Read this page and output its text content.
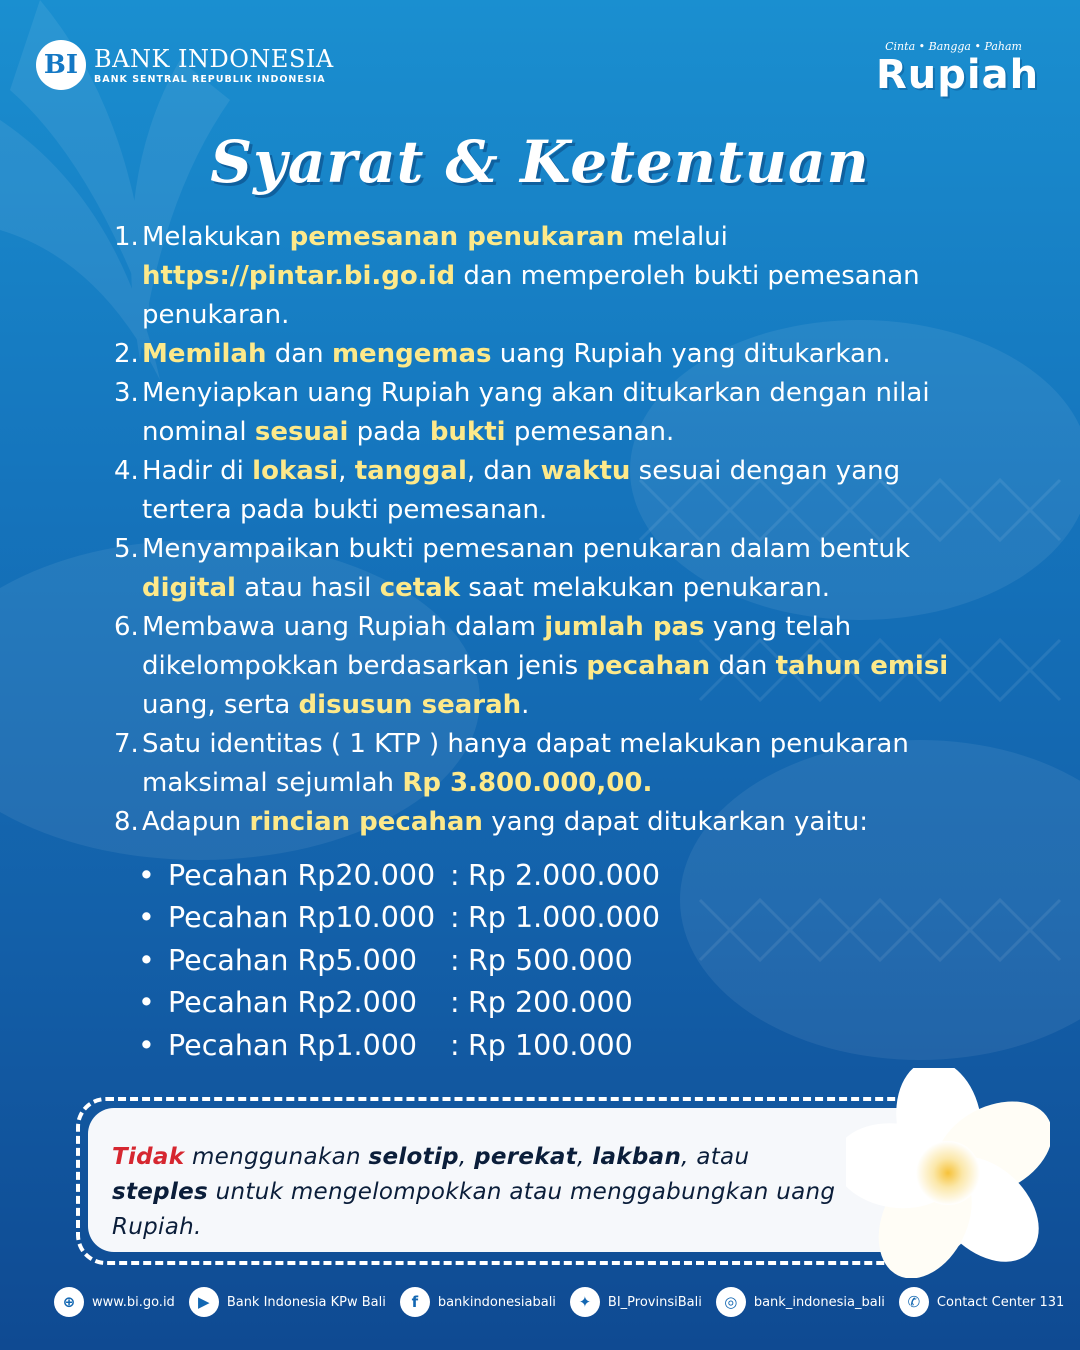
BI BANK INDONESIA
BANK SENTRAL REPUBLIK INDONESIA
Cinta • Bangga • Paham
Rupiah
Syarat & Ketentuan
1. Melakukan pemesanan penukaran melalui https://pintar.bi.go.id dan memperoleh bukti pemesanan penukaran.
2. Memilah dan mengemas uang Rupiah yang ditukarkan.
3. Menyiapkan uang Rupiah yang akan ditukarkan dengan nilai nominal sesuai pada bukti pemesanan.
4. Hadir di lokasi, tanggal, dan waktu sesuai dengan yang tertera pada bukti pemesanan.
5. Menyampaikan bukti pemesanan penukaran dalam bentuk digital atau hasil cetak saat melakukan penukaran.
6. Membawa uang Rupiah dalam jumlah pas yang telah dikelompokkan berdasarkan jenis pecahan dan tahun emisi uang, serta disusun searah.
7. Satu identitas ( 1 KTP ) hanya dapat melakukan penukaran maksimal sejumlah Rp 3.800.000,00.
8. Adapun rincian pecahan yang dapat ditukarkan yaitu:
• Pecahan Rp20.000 : Rp 2.000.000
• Pecahan Rp10.000 : Rp 1.000.000
• Pecahan Rp5.000	: Rp 500.000
• Pecahan Rp2.000	: Rp 200.000
• Pecahan Rp1.000	: Rp 100.000
Tidak menggunakan selotip, perekat, lakban, atau steples untuk mengelompokkan atau menggabungkan uang Rupiah.
⊕	www.bi.go.id	▶	Bank Indonesia KPw Bali	f	bankindonesiabali	✦	BI_ProvinsiBali	◎	bank_indonesia_bali	✆	Contact Center 131
